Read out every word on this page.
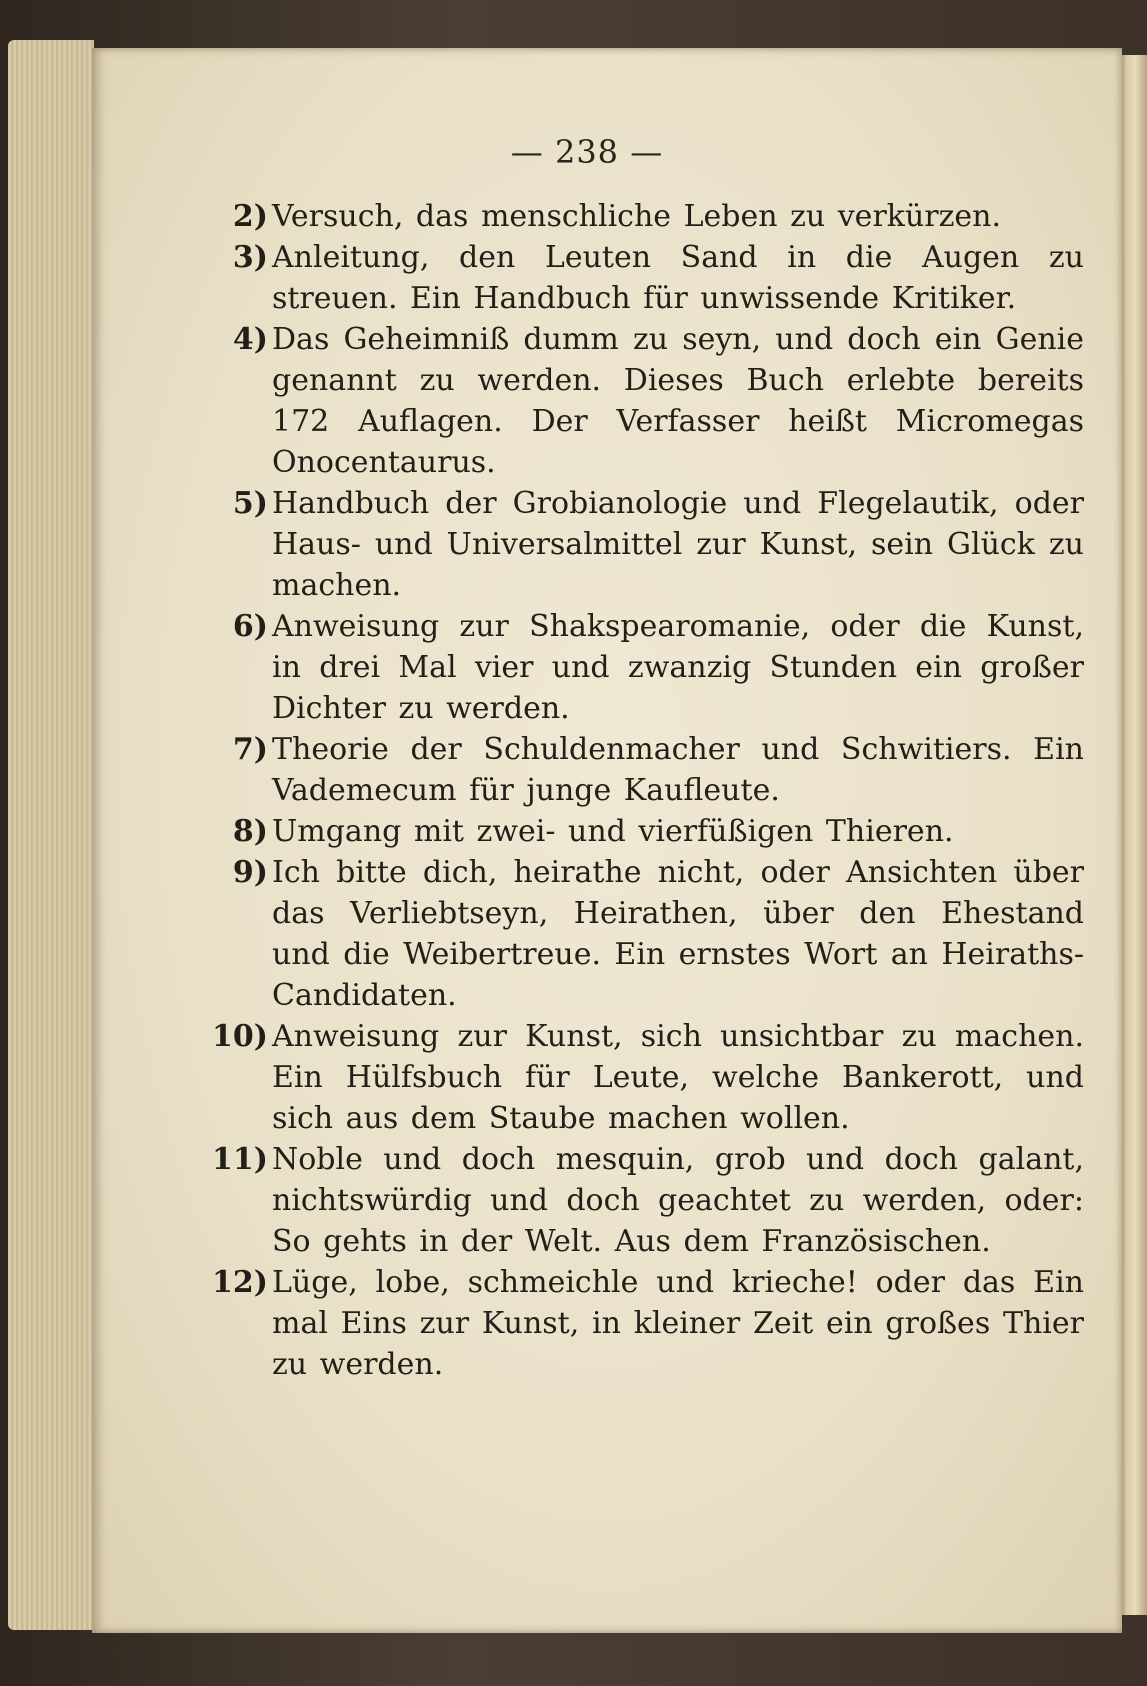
— 238 —
2) Versuch, das menschliche Leben zu verkürzen.
3) Anleitung, den Leuten Sand in die Augen zu streuen. Ein Handbuch für unwissende Kritiker.
4) Das Geheimniß dumm zu seyn, und doch ein Genie genannt zu werden. Dieses Buch erlebte bereits 172 Auflagen. Der Verfasser heißt Micromegas Onocentaurus.
5) Handbuch der Grobianologie und Flegelautik, oder Haus- und Universalmittel zur Kunst, sein Glück zu machen.
6) Anweisung zur Shakspearomanie, oder die Kunst, in drei Mal vier und zwanzig Stunden ein großer Dichter zu werden.
7) Theorie der Schuldenmacher und Schwitiers. Ein Vademecum für junge Kaufleute.
8) Umgang mit zwei- und vierfüßigen Thieren.
9) Ich bitte dich, heirathe nicht, oder Ansichten über das Verliebtseyn, Heirathen, über den Ehestand und die Weibertreue. Ein ernstes Wort an Heiraths-Candidaten.
10) Anweisung zur Kunst, sich unsichtbar zu machen. Ein Hülfsbuch für Leute, welche Bankerott, und sich aus dem Staube machen wollen.
11) Noble und doch mesquin, grob und doch galant, nichtswürdig und doch geachtet zu werden, oder: So gehts in der Welt. Aus dem Französischen.
12) Lüge, lobe, schmeichle und krieche! oder das Ein mal Eins zur Kunst, in kleiner Zeit ein großes Thier zu werden.
